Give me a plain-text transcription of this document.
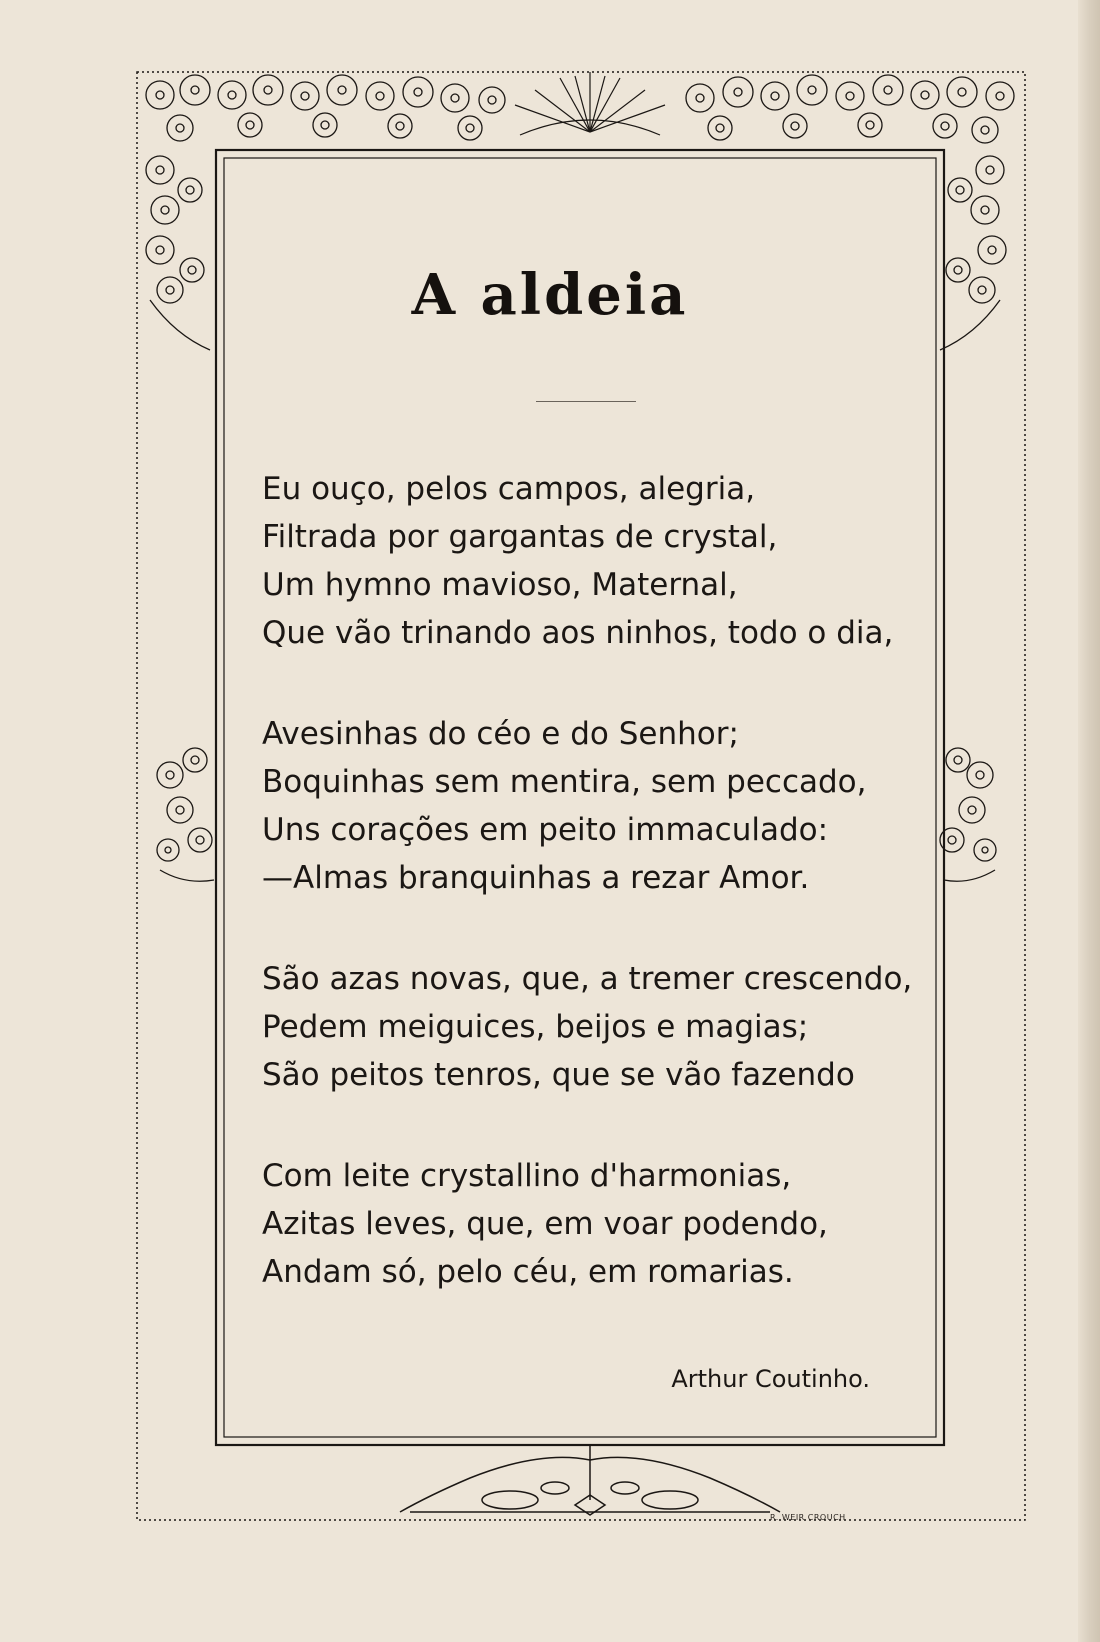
A aldeia
Eu ouço, pelos campos, alegria,
Filtrada por gargantas de crystal,
Um hymno mavioso, Maternal,
Que vão trinando aos ninhos, todo o dia,
Avesinhas do céo e do Senhor;
Boquinhas sem mentira, sem peccado,
Uns corações em peito immaculado:
—Almas branquinhas a rezar Amor.
São azas novas, que, a tremer crescendo,
Pedem meiguices, beijos e magias;
São peitos tenros, que se vão fazendo
Com leite crystallino d'harmonias,
Azitas leves, que, em voar podendo,
Andam só, pelo céu, em romarias.
Arthur Coutinho.
R. WEIR CROUCH
